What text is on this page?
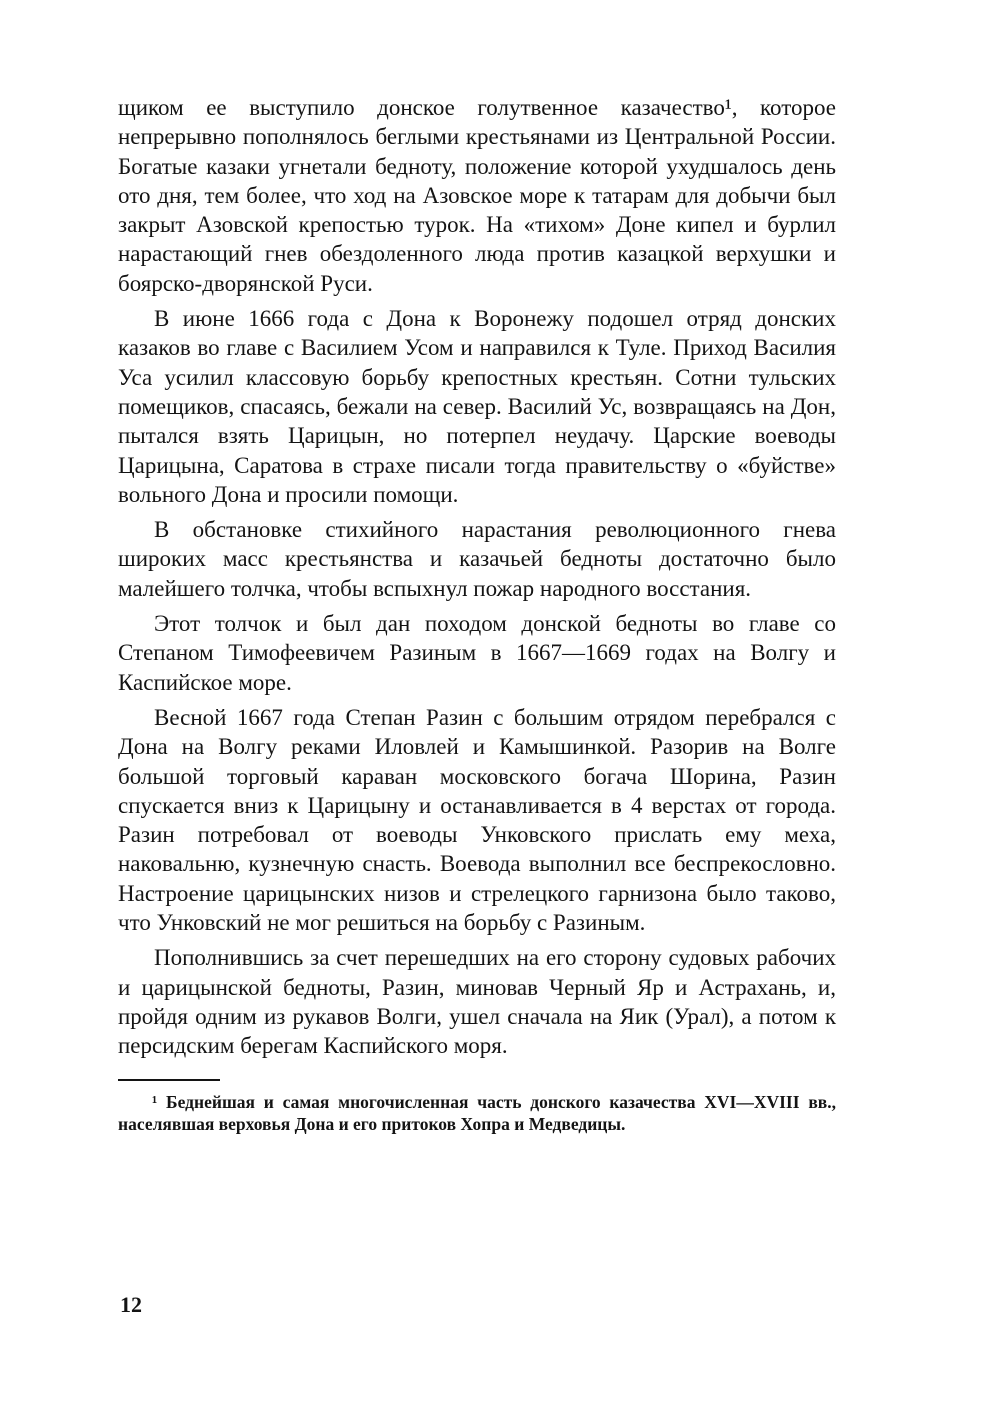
щиком ее выступило донское голутвенное казачество¹, которое непрерывно пополнялось беглыми крестьянами из Центральной России. Богатые казаки угнетали бедноту, положение которой ухудшалось день ото дня, тем более, что ход на Азовское море к татарам для добычи был закрыт Азовской крепостью турок. На «тихом» Доне кипел и бурлил нарастающий гнев обездоленного люда против казацкой верхушки и боярско-дворянской Руси.

В июне 1666 года с Дона к Воронежу подошел отряд донских казаков во главе с Василием Усом и направился к Туле. Приход Василия Уса усилил классовую борьбу крепостных крестьян. Сотни тульских помещиков, спасаясь, бежали на север. Василий Ус, возвращаясь на Дон, пытался взять Царицын, но потерпел неудачу. Царские воеводы Царицына, Саратова в страхе писали тогда правительству о «буйстве» вольного Дона и просили помощи.

В обстановке стихийного нарастания революционного гнева широких масс крестьянства и казачьей бедноты достаточно было малейшего толчка, чтобы вспыхнул пожар народного восстания.

Этот толчок и был дан походом донской бедноты во главе со Степаном Тимофеевичем Разиным в 1667—1669 годах на Волгу и Каспийское море.

Весной 1667 года Степан Разин с большим отрядом перебрался с Дона на Волгу реками Иловлей и Камышинкой. Разорив на Волге большой торговый караван московского богача Шорина, Разин спускается вниз к Царицыну и останавливается в 4 верстах от города. Разин потребовал от воеводы Унковского прислать ему меха, наковальню, кузнечную снасть. Воевода выполнил все беспрекословно. Настроение царицынских низов и стрелецкого гарнизона было таково, что Унковский не мог решиться на борьбу с Разиным.

Пополнившись за счет перешедших на его сторону судовых рабочих и царицынской бедноты, Разин, миновав Черный Яр и Астрахань, и, пройдя одним из рукавов Волги, ушел сначала на Яик (Урал), а потом к персидским берегам Каспийского моря.

¹ Беднейшая и самая многочисленная часть донского казачества XVI—XVIII вв., населявшая верховья Дона и его притоков Хопра и Медведицы.

12
